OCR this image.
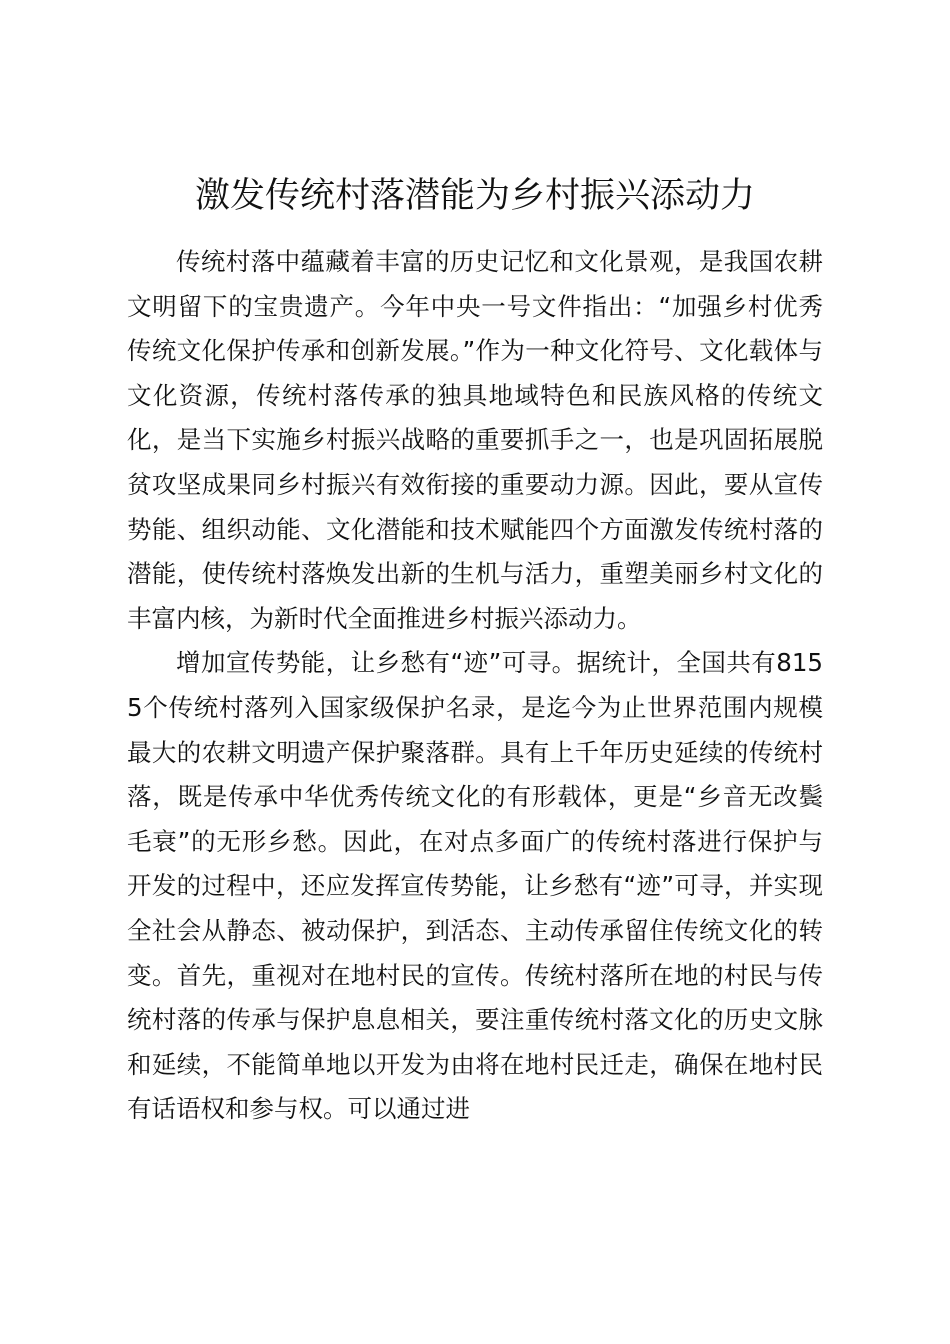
激发传统村落潜能为乡村振兴添动力

传统村落中蕴藏着丰富的历史记忆和文化景观，是我国农耕文明留下的宝贵遗产。今年中央一号文件指出：“加强乡村优秀传统文化保护传承和创新发展。”作为一种文化符号、文化载体与文化资源，传统村落传承的独具地域特色和民族风格的传统文化，是当下实施乡村振兴战略的重要抓手之一，也是巩固拓展脱贫攻坚成果同乡村振兴有效衔接的重要动力源。因此，要从宣传势能、组织动能、文化潜能和技术赋能四个方面激发传统村落的潜能，使传统村落焕发出新的生机与活力，重塑美丽乡村文化的丰富内核，为新时代全面推进乡村振兴添动力。

增加宣传势能，让乡愁有“迹”可寻。据统计，全国共有8155个传统村落列入国家级保护名录，是迄今为止世界范围内规模最大的农耕文明遗产保护聚落群。具有上千年历史延续的传统村落，既是传承中华优秀传统文化的有形载体，更是“乡音无改鬓毛衰”的无形乡愁。因此，在对点多面广的传统村落进行保护与开发的过程中，还应发挥宣传势能，让乡愁有“迹”可寻，并实现全社会从静态、被动保护，到活态、主动传承留住传统文化的转变。首先，重视对在地村民的宣传。传统村落所在地的村民与传统村落的传承与保护息息相关，要注重传统村落文化的历史文脉和延续，不能简单地以开发为由将在地村民迁走，确保在地村民有话语权和参与权。可以通过进
